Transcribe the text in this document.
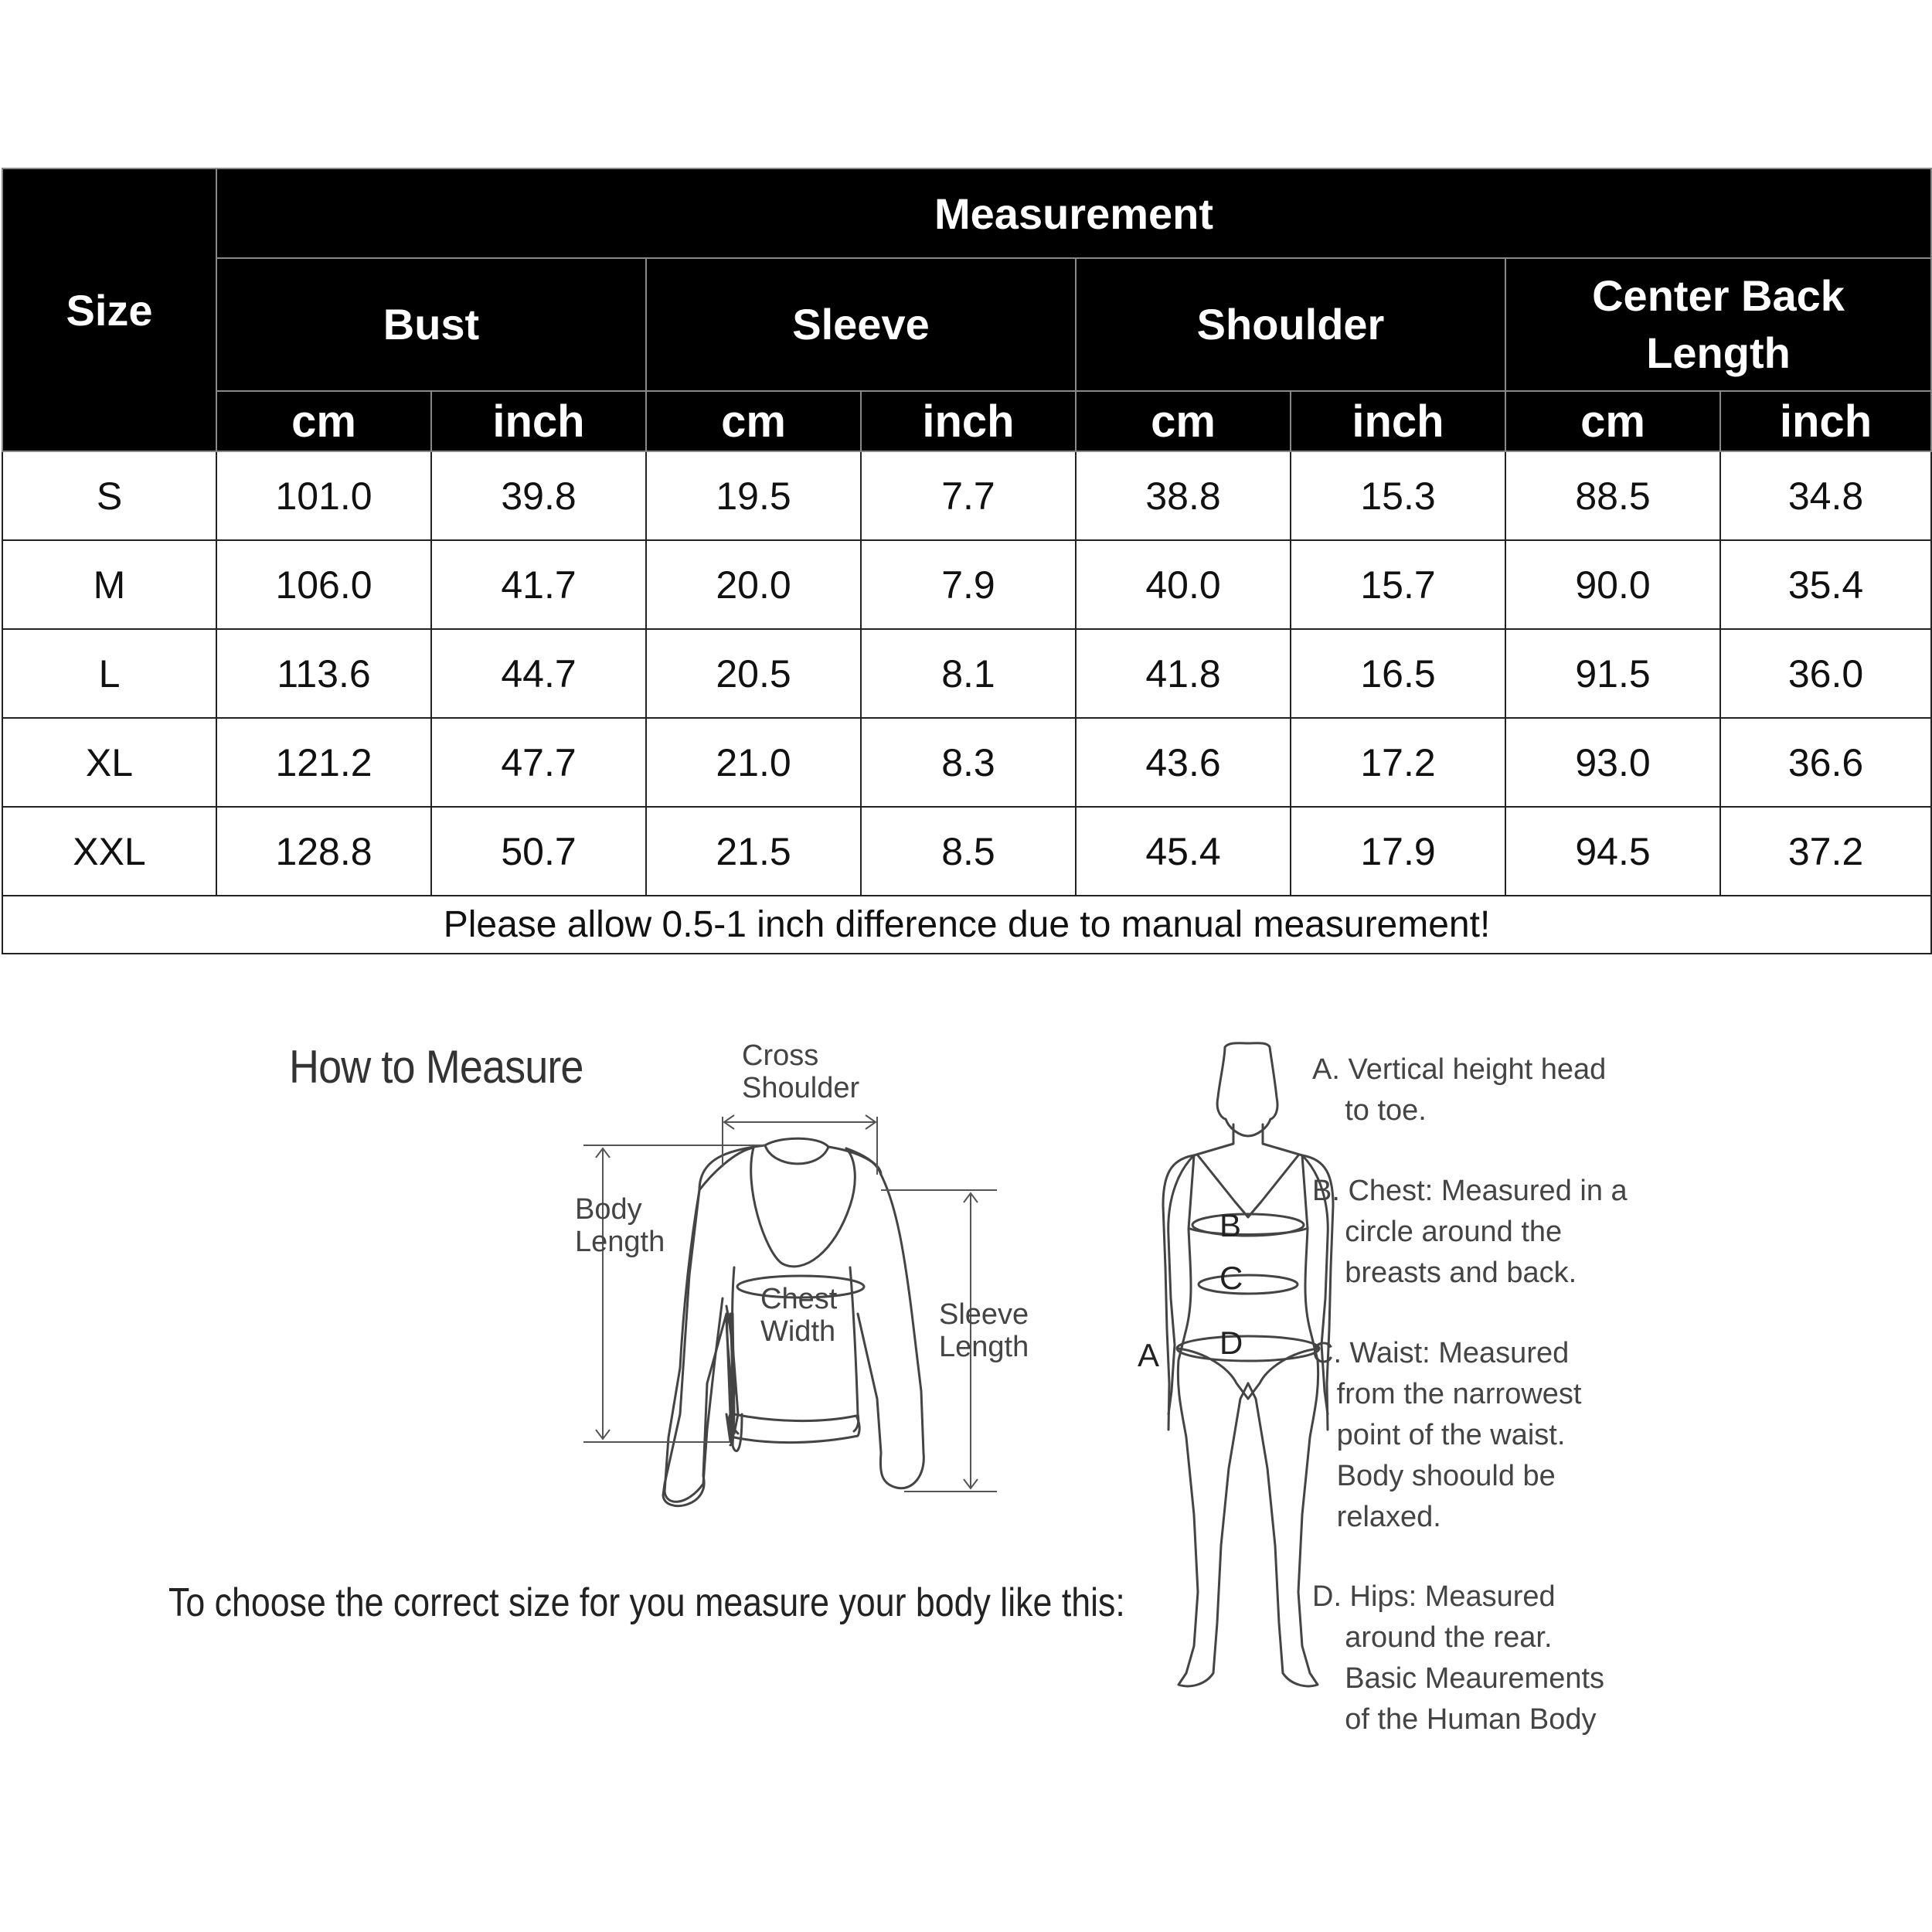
Size	Measurement							
	Bust		Sleeve		Shoulder		Center Back Length	
	cm	inch	cm	inch	cm	inch	cm	inch
S	101.0	39.8	19.5	7.7	38.8	15.3	88.5	34.8
M	106.0	41.7	20.0	7.9	40.0	15.7	90.0	35.4
L	113.6	44.7	20.5	8.1	41.8	16.5	91.5	36.0
XL	121.2	47.7	21.0	8.3	43.6	17.2	93.0	36.6
XXL	128.8	50.7	21.5	8.5	45.4	17.9	94.5	37.2
Please allow 0.5-1 inch difference due to manual measurement!								
How to Measure
To choose the correct size for you measure your body like this:
B
C
D
A
Cross
Shoulder
Body
Length
Chest
Width
Sleeve
Length
A. Vertical height head
to toe.
B. Chest: Measured in a
circle around the
breasts and back.
C. Waist: Measured
from the narrowest
point of the waist.
Body shoould be
relaxed.
D. Hips: Measured
around the rear.
Basic Meaurements
of the Human Body
